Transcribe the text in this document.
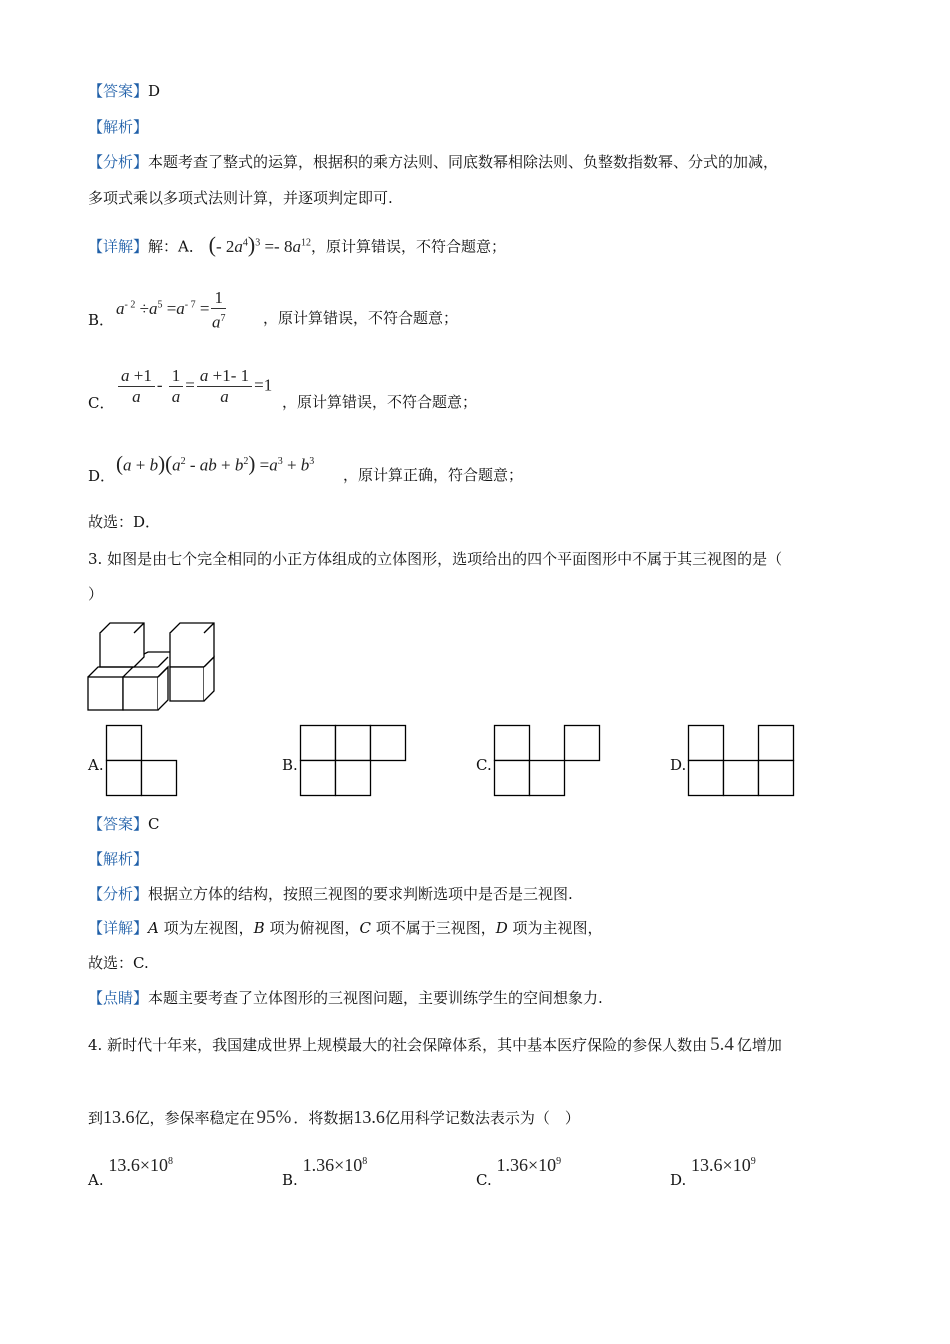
【答案】D
【解析】
【分析】本题考查了整式的运算，根据积的乘方法则、同底数幂相除法则、负整数指数幂、分式的加减，
多项式乘以多项式法则计算，并逐项判定即可.
【详解】解：A． (- $2a^4)^3 =- 8a^{12}$，原计算错误，不符合题意；
B．
$a^{- 2} \div a^5 =a^{- 7} = \frac{1}{a^7}$ ，原计算错误，不符合题意；
C． $\frac{a +1}{a} - \frac{1}{a} = \frac{a +1- 1}{a} =1$
，原计算错误，不符合题意；
D．
$(a + b)(a^2$ - ab + $b^2) =a^3 + b^3$
，原计算正确，符合题意；
故选：D．
3. 如图是由七个完全相同的小正方体组成的立体图形，选项给出的四个平面图形中不属于其三视图的是（
）
A.	B.	C.	D.
【答案】C
【解析】
【分析】根据立方体的结构，按照三视图的要求判断选项中是否是三视图.
【详解】A 项为左视图，B 项为俯视图，C 项不属于三视图，D 项为主视图，
故选：C.
【点睛】本题主要考查了立体图形的三视图问题，主要训练学生的空间想象力.
4. 新时代十年来，我国建成世界上规模最大的社会保障体系，其中基本医疗保险的参保人数由 5.4 亿增加
到13.6亿，参保率稳定在 95% ．将数据13.6亿用科学记数法表示为（　）
A. $13.6\times 10^8$
B. $1.36\times 10^8$
C. $1.36\times 10^9$
D. $13.6\times 10^9$
